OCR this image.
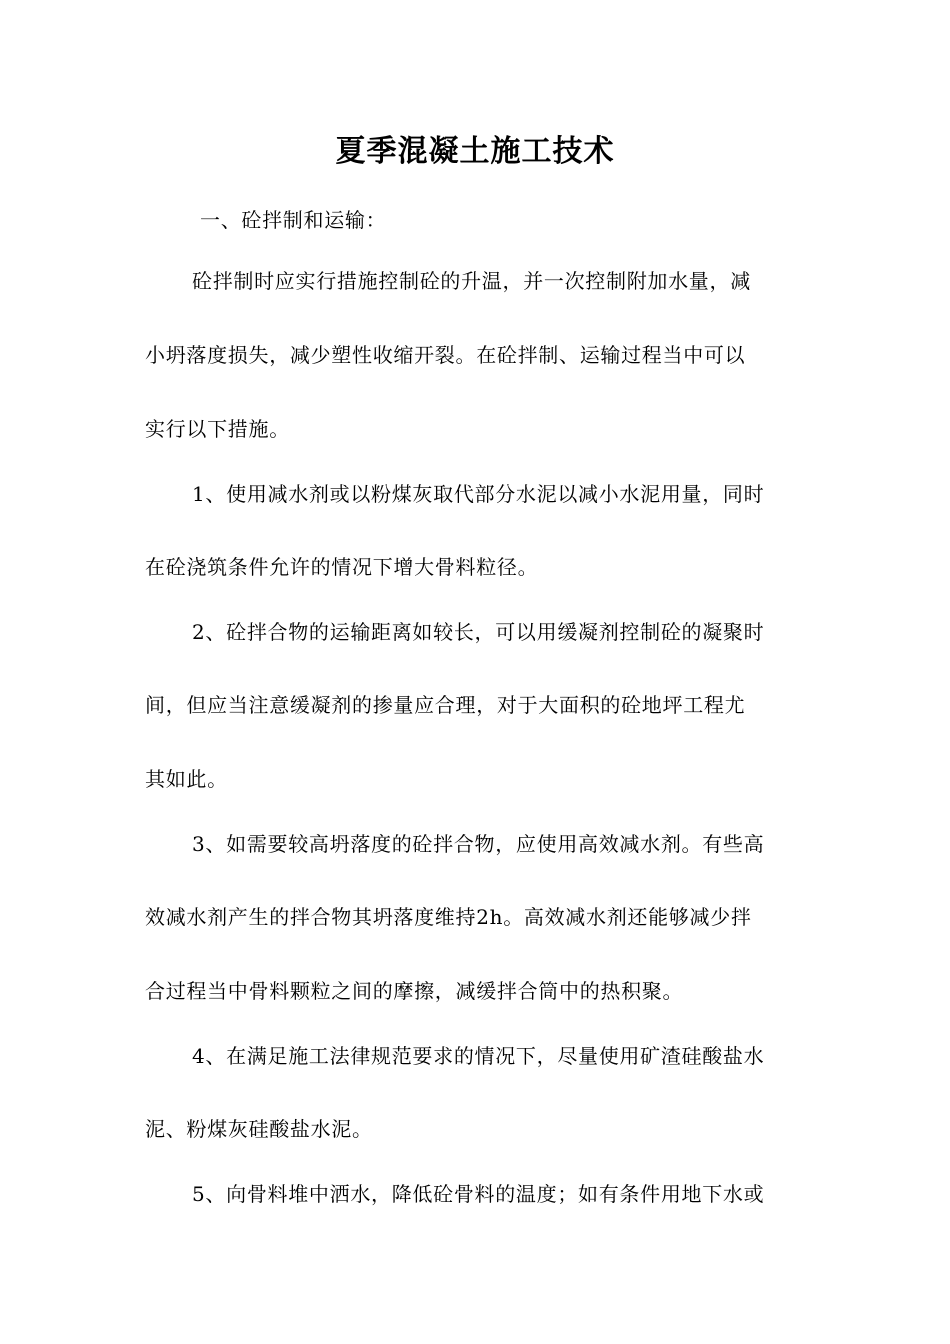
夏季混凝土施工技术
一、砼拌制和运输：
砼拌制时应实行措施控制砼的升温，并一次控制附加水量，减
小坍落度损失，减少塑性收缩开裂。在砼拌制、运输过程当中可以
实行以下措施。
1、使用减水剂或以粉煤灰取代部分水泥以减小水泥用量，同时
在砼浇筑条件允许的情况下增大骨料粒径。
2、砼拌合物的运输距离如较长，可以用缓凝剂控制砼的凝聚时
间，但应当注意缓凝剂的掺量应合理，对于大面积的砼地坪工程尤
其如此。
3、如需要较高坍落度的砼拌合物，应使用高效减水剂。有些高
效减水剂产生的拌合物其坍落度维持2h。高效减水剂还能够减少拌
合过程当中骨料颗粒之间的摩擦，减缓拌合筒中的热积聚。
4、在满足施工法律规范要求的情况下，尽量使用矿渣硅酸盐水
泥、粉煤灰硅酸盐水泥。
5、向骨料堆中洒水，降低砼骨料的温度；如有条件用地下水或
